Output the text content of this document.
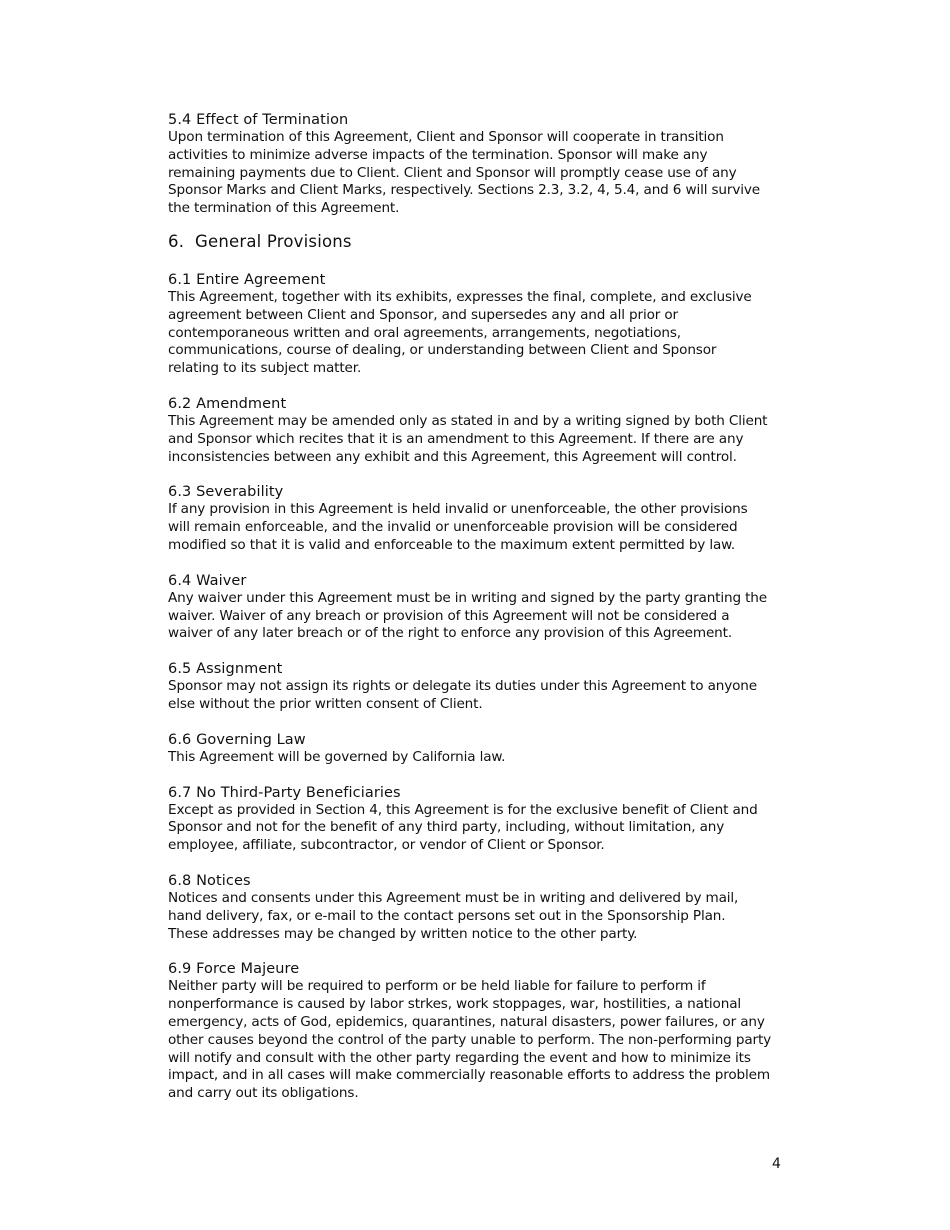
5.4 Effect of Termination
Upon termination of this Agreement, Client and Sponsor will cooperate in transition
activities to minimize adverse impacts of the termination. Sponsor will make any
remaining payments due to Client. Client and Sponsor will promptly cease use of any
Sponsor Marks and Client Marks, respectively. Sections 2.3, 3.2, 4, 5.4, and 6 will survive
the termination of this Agreement.
6. General Provisions
6.1 Entire Agreement
This Agreement, together with its exhibits, expresses the final, complete, and exclusive
agreement between Client and Sponsor, and supersedes any and all prior or
contemporaneous written and oral agreements, arrangements, negotiations,
communications, course of dealing, or understanding between Client and Sponsor
relating to its subject matter.
6.2 Amendment
This Agreement may be amended only as stated in and by a writing signed by both Client
and Sponsor which recites that it is an amendment to this Agreement. If there are any
inconsistencies between any exhibit and this Agreement, this Agreement will control.
6.3 Severability
If any provision in this Agreement is held invalid or unenforceable, the other provisions
will remain enforceable, and the invalid or unenforceable provision will be considered
modified so that it is valid and enforceable to the maximum extent permitted by law.
6.4 Waiver
Any waiver under this Agreement must be in writing and signed by the party granting the
waiver. Waiver of any breach or provision of this Agreement will not be considered a
waiver of any later breach or of the right to enforce any provision of this Agreement.
6.5 Assignment
Sponsor may not assign its rights or delegate its duties under this Agreement to anyone
else without the prior written consent of Client.
6.6 Governing Law
This Agreement will be governed by California law.
6.7 No Third-Party Beneficiaries
Except as provided in Section 4, this Agreement is for the exclusive benefit of Client and
Sponsor and not for the benefit of any third party, including, without limitation, any
employee, affiliate, subcontractor, or vendor of Client or Sponsor.
6.8 Notices
Notices and consents under this Agreement must be in writing and delivered by mail,
hand delivery, fax, or e-mail to the contact persons set out in the Sponsorship Plan.
These addresses may be changed by written notice to the other party.
6.9 Force Majeure
Neither party will be required to perform or be held liable for failure to perform if
nonperformance is caused by labor strkes, work stoppages, war, hostilities, a national
emergency, acts of God, epidemics, quarantines, natural disasters, power failures, or any
other causes beyond the control of the party unable to perform. The non-performing party
will notify and consult with the other party regarding the event and how to minimize its
impact, and in all cases will make commercially reasonable efforts to address the problem
and carry out its obligations.
4
